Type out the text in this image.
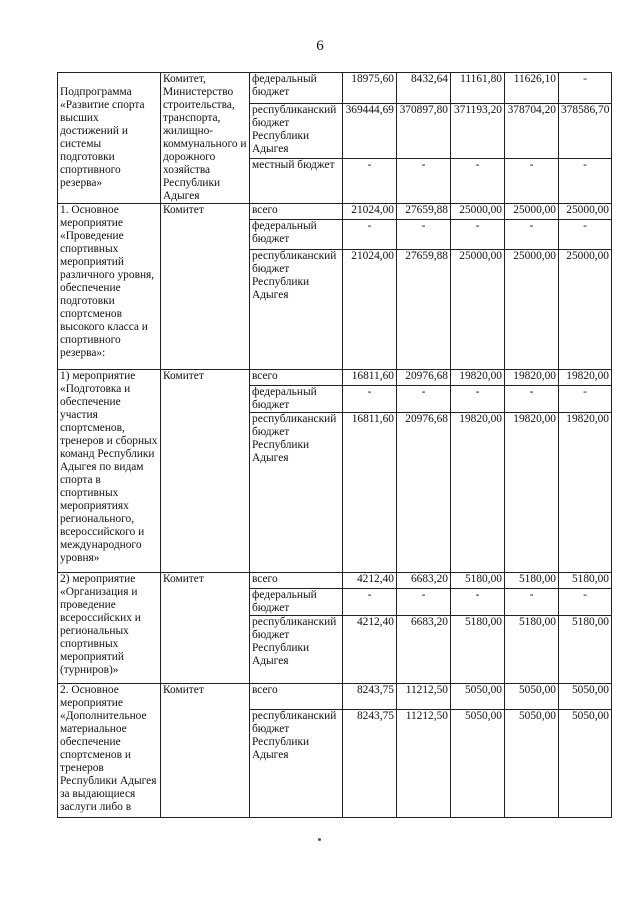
6
Подпрограмма «Развитие спорта высших достижений и системы подготовки спортивного резерва»	Комитет, Министерство строительства, транспорта, жилищно-коммунального и дорожного хозяйства Республики Адыгея	федеральный бюджет	18975,60	8432,64	11161,80	11626,10	-
		республиканский бюджет Республики Адыгея	369444,69	370897,80	371193,20	378704,20	378586,70
		местный бюджет	-	-	-	-	-
1. Основное мероприятие «Проведение спортивных мероприятий различного уровня, обеспечение подготовки спортсменов высокого класса и спортивного резерва»:	Комитет	всего	21024,00	27659,88	25000,00	25000,00	25000,00
		федеральный бюджет	-	-	-	-	-
		республиканский бюджет Республики Адыгея	21024,00	27659,88	25000,00	25000,00	25000,00
1) мероприятие «Подготовка и обеспечение участия спортсменов, тренеров и сборных команд Республики Адыгея по видам спорта в спортивных мероприятиях регионального, всероссийского и международного уровня»	Комитет	всего	16811,60	20976,68	19820,00	19820,00	19820,00
		федеральный бюджет	-	-	-	-	-
		республиканский бюджет Республики Адыгея	16811,60	20976,68	19820,00	19820,00	19820,00
2) мероприятие «Организация и проведение всероссийских и региональных спортивных мероприятий (турниров)»	Комитет	всего	4212,40	6683,20	5180,00	5180,00	5180,00
		федеральный бюджет	-	-	-	-	-
		республиканский бюджет Республики Адыгея	4212,40	6683,20	5180,00	5180,00	5180,00
2. Основное мероприятие «Дополнительное материальное обеспечение спортсменов и тренеров Республики Адыгея за выдающиеся заслуги либо в	Комитет	всего	8243,75	11212,50	5050,00	5050,00	5050,00
		республиканский бюджет Республики Адыгея	8243,75	11212,50	5050,00	5050,00	5050,00
